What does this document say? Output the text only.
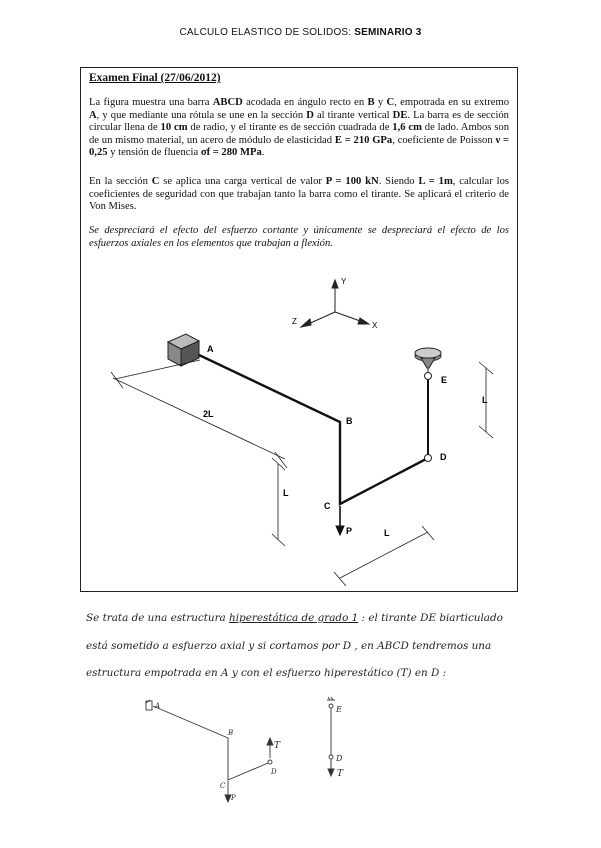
CALCULO ELASTICO DE SOLIDOS: SEMINARIO 3
Examen Final (27/06/2012)
La figura muestra una barra ABCD acodada en ángulo recto en B y C, empotrada en su extremo A, y que mediante una rótula se une en la sección D al tirante vertical DE. La barra es de sección circular llena de 10 cm de radio, y el tirante es de sección cuadrada de 1,6 cm de lado. Ambos son de un mismo material, un acero de módulo de elasticidad E = 210 GPa, coeficiente de Poisson ν = 0,25 y tensión de fluencia σf = 280 MPa.
En la sección C se aplica una carga vertical de valor P = 100 kN. Siendo L = 1m, calcular los coeficientes de seguridad con que trabajan tanto la barra como el tirante. Se aplicará el criterio de Von Mises.
Se despreciará el efecto del esfuerzo cortante y únicamente se despreciará el efecto de los esfuerzos axiales en los elementos que trabajan a flexión.
Y
Z	X
A
B
C
D
E
P
2L
L
L
L
A
B
C
D
P
T
E
D
T
Se trata de una estructura hiperestática de grado 1 : el tirante DE biarticulado
está sometido a esfuerzo axial y si cortamos por D , en ABCD tendremos una
estructura empotrada en A y con el esfuerzo hiperestático (T) en D :
